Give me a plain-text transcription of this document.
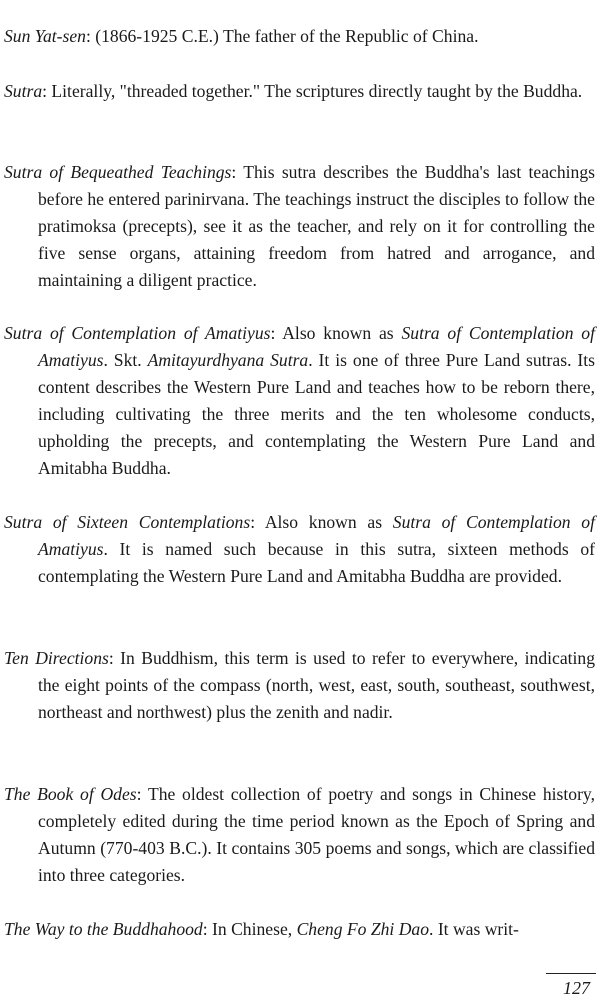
Sun Yat-sen: (1866-1925 C.E.) The father of the Republic of China.

Sutra: Literally, "threaded together." The scriptures directly taught by the Buddha.

Sutra of Bequeathed Teachings: This sutra describes the Buddha's last teachings before he entered parinirvana. The teachings instruct the disciples to follow the pratimoksa (precepts), see it as the teacher, and rely on it for controlling the five sense organs, attaining freedom from hatred and arrogance, and maintaining a diligent practice.

Sutra of Contemplation of Amatiyus: Also known as Sutra of Contemplation of Amatiyus. Skt. Amitayurdhyana Sutra. It is one of three Pure Land sutras. Its content describes the Western Pure Land and teaches how to be reborn there, including cultivating the three merits and the ten wholesome conducts, upholding the precepts, and contemplating the Western Pure Land and Amitabha Buddha.

Sutra of Sixteen Contemplations: Also known as Sutra of Contemplation of Amatiyus. It is named such because in this sutra, sixteen methods of contemplating the Western Pure Land and Amitabha Buddha are provided.

Ten Directions: In Buddhism, this term is used to refer to everywhere, indicating the eight points of the compass (north, west, east, south, southeast, southwest, northeast and northwest) plus the zenith and nadir.

The Book of Odes: The oldest collection of poetry and songs in Chinese history, completely edited during the time period known as the Epoch of Spring and Autumn (770-403 B.C.). It contains 305 poems and songs, which are classified into three categories.

The Way to the Buddhahood: In Chinese, Cheng Fo Zhi Dao. It was writ-

127
